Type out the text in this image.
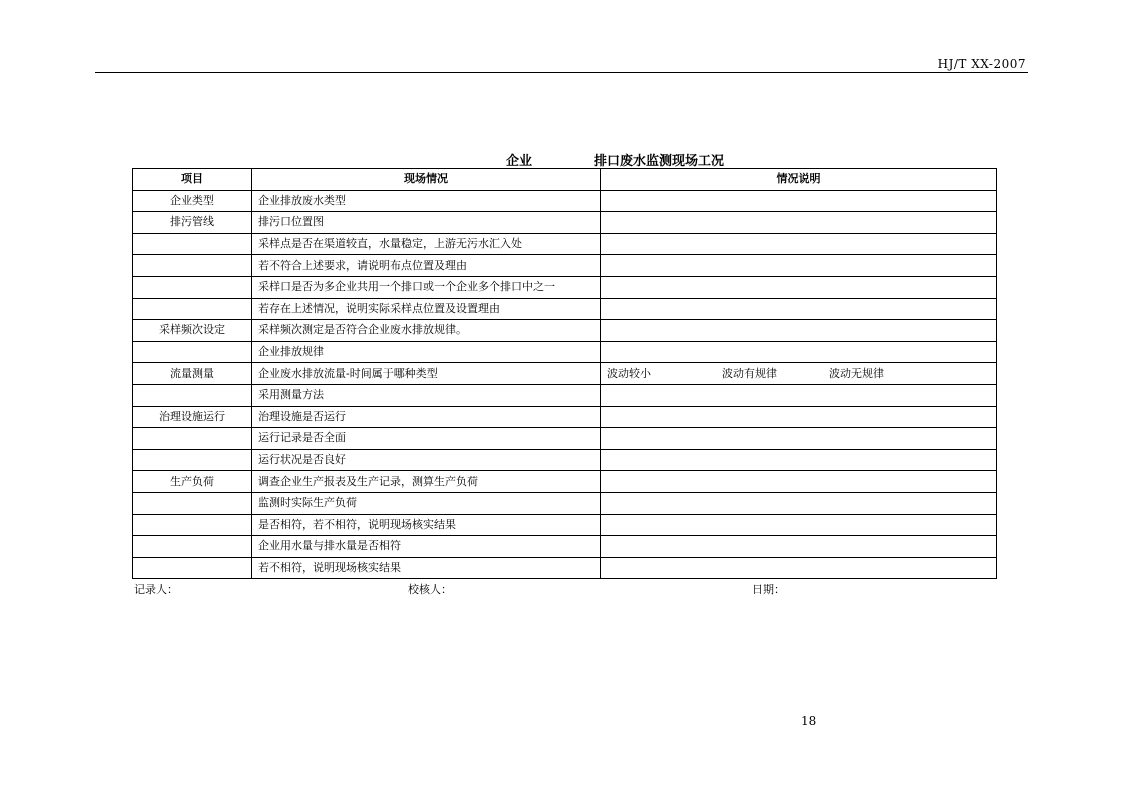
HJ/T XX-2007
企业	排口废水监测现场工况
项目	现场情况	情况说明
企业类型	企业排放废水类型	
排污管线	排污口位置图	
	采样点是否在渠道较直，水量稳定，上游无污水汇入处	
	若不符合上述要求，请说明布点位置及理由	
	采样口是否为多企业共用一个排口或一个企业多个排口中之一	
	若存在上述情况，说明实际采样点位置及设置理由	
采样频次设定	采样频次测定是否符合企业废水排放规律。	
	企业排放规律	
流量测量	企业废水排放流量-时间属于哪种类型	波动较小 波动有规律 波动无规律
	采用测量方法	
治理设施运行	治理设施是否运行	
	运行记录是否全面	
	运行状况是否良好	
生产负荷	调查企业生产报表及生产记录，测算生产负荷	
	监测时实际生产负荷	
	是否相符，若不相符，说明现场核实结果	
	企业用水量与排水量是否相符	
	若不相符，说明现场核实结果	
记录人：	校核人：	日期：
18
